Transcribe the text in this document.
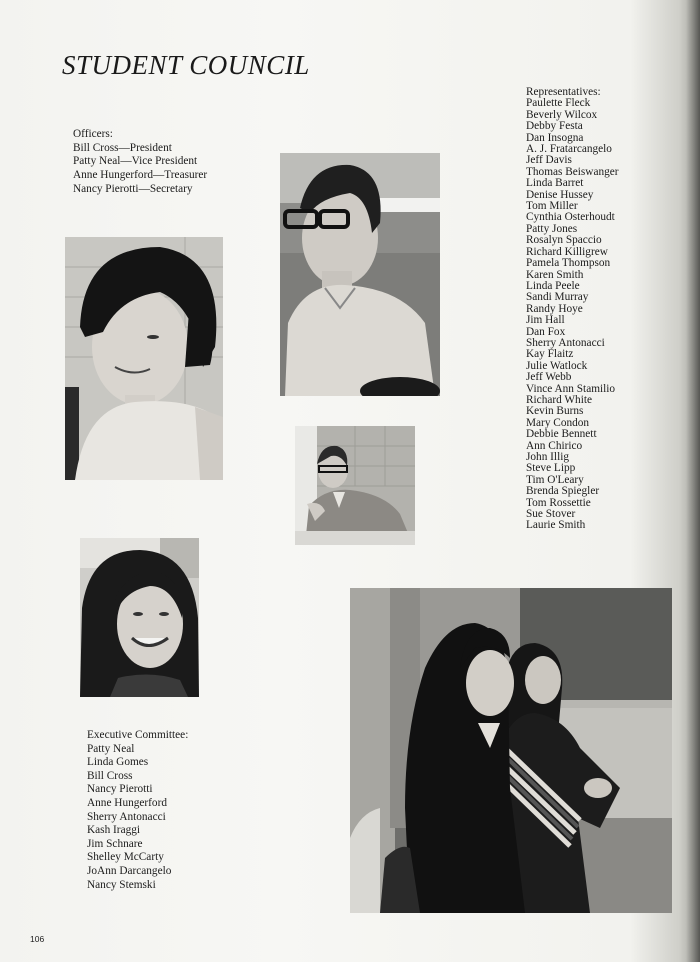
STUDENT COUNCIL
Officers:
Bill Cross—President
Patty Neal—Vice President
Anne Hungerford—Treasurer
Nancy Pierotti—Secretary
Representatives:
Paulette Fleck
Beverly Wilcox
Debby Festa
Dan Insogna
A. J. Fratarcangelo
Jeff Davis
Thomas Beiswanger
Linda Barret
Denise Hussey
Tom Miller
Cynthia Osterhoudt
Patty Jones
Rosalyn Spaccio
Richard Killigrew
Pamela Thompson
Karen Smith
Linda Peele
Sandi Murray
Randy Hoye
Jim Hall
Dan Fox
Sherry Antonacci
Kay Flaitz
Julie Watlock
Jeff Webb
Vince Ann Stamilio
Richard White
Kevin Burns
Mary Condon
Debbie Bennett
Ann Chirico
John Illig
Steve Lipp
Tim O'Leary
Brenda Spiegler
Tom Rossettie
Sue Stover
Laurie Smith
Executive Committee:
Patty Neal
Linda Gomes
Bill Cross
Nancy Pierotti
Anne Hungerford
Sherry Antonacci
Kash Iraggi
Jim Schnare
Shelley McCarty
JoAnn Darcangelo
Nancy Stemski
106
